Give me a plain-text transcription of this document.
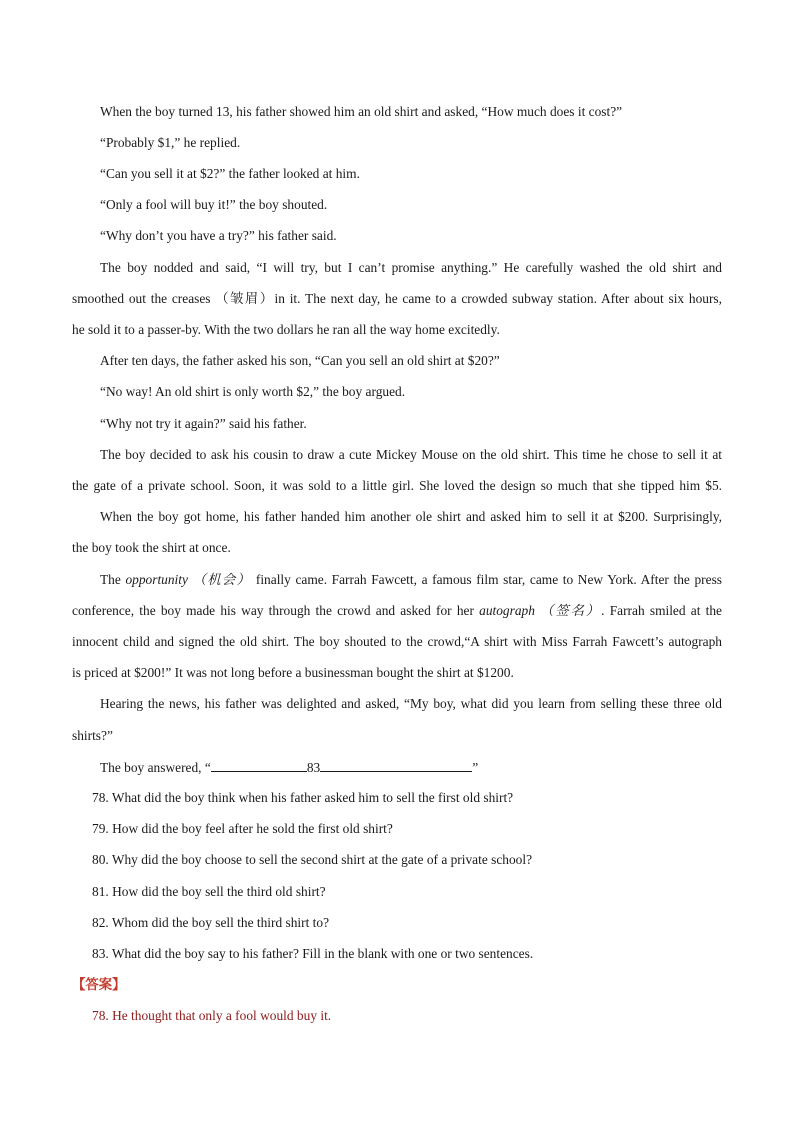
When the boy turned 13, his father showed him an old shirt and asked, “How much does it cost?”
“Probably $1,” he replied.
“Can you sell it at $2?” the father looked at him.
“Only a fool will buy it!” the boy shouted.
“Why don’t you have a try?” his father said.
The boy nodded and said, “I will try, but I can’t promise anything.” He carefully washed the old shirt and
smoothed out the creases （皱眉）in it. The next day, he came to a crowded subway station. After about six hours,
he sold it to a passer-by. With the two dollars he ran all the way home excitedly.
After ten days, the father asked his son, “Can you sell an old shirt at $20?”
“No way! An old shirt is only worth $2,” the boy argued.
“Why not try it again?” said his father.
The boy decided to ask his cousin to draw a cute Mickey Mouse on the old shirt. This time he chose to sell it at
the gate of a private school. Soon, it was sold to a little girl. She loved the design so much that she tipped him $5.
When the boy got home, his father handed him another ole shirt and asked him to sell it at $200. Surprisingly,
the boy took the shirt at once.
The opportunity （机会） finally came. Farrah Fawcett, a famous film star, came to New York. After the press
conference, the boy made his way through the crowd and asked for her autograph （签名）. Farrah smiled at the
innocent child and signed the old shirt. The boy shouted to the crowd,“A shirt with Miss Farrah Fawcett’s autograph
is priced at $200!” It was not long before a businessman bought the shirt at $1200.
Hearing the news, his father was delighted and asked, “My boy, what did you learn from selling these three old
shirts?”
The boy answered, “	83	”
78. What did the boy think when his father asked him to sell the first old shirt?
79. How did the boy feel after he sold the first old shirt?
80. Why did the boy choose to sell the second shirt at the gate of a private school?
81. How did the boy sell the third old shirt?
82. Whom did the boy sell the third shirt to?
83. What did the boy say to his father? Fill in the blank with one or two sentences.
【答案】
78. He thought that only a fool would buy it.
